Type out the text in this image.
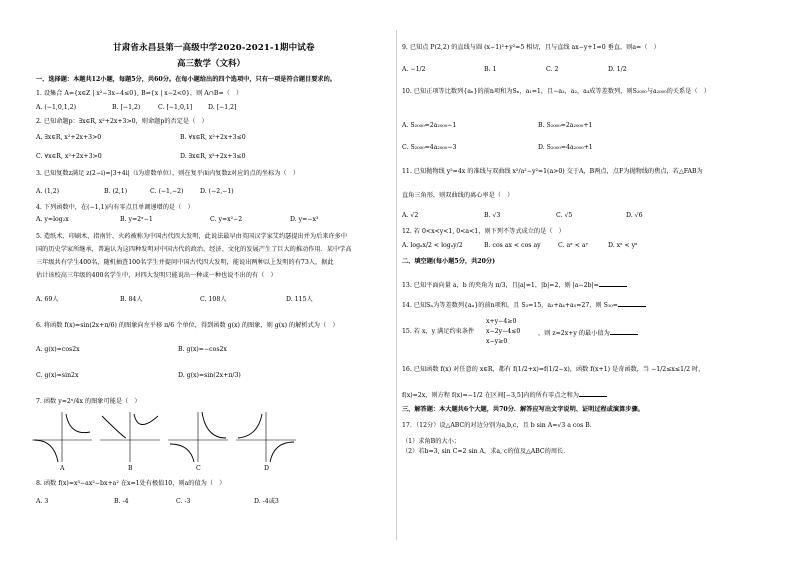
甘肃省永昌县第一高级中学2020-2021-1期中试卷
高三数学（文科）
一、选择题：本题共12小题，每题5分，共60分。在每小题给出的四个选项中，只有一项是符合题目要求的。
1. 设集合 A={x∈Z | x²−3x−4≤0}, B={x | x−2<0}，则 A∩B=（　）
A. (−1,0,1,2)	B. [−1,2)	C. [−1,0,1]	D. [−1,2]
2. 已知命题p：∃x∈R, x²+2x+3>0，则命题p的否定是（　）
A. ∃x∈R, x²+2x+3>0	B. ∀x∈R, x²+2x+3≤0
C. ∀x∈R, x²+2x+3>0	D. ∃x∈R, x²+2x+3≤0
3. 已知复数z满足 z(2−i)=|3+4i|（i为虚数单位），则在复平面内复数z对应的点的坐标为（　）
A. (1,2)	B. (2,1)	C. (−1,−2)	D. (−2,−1)
4. 下列函数中，在(−1,1)内有零点且单调递增的是（　）
A. y=log₂x	B. y=2ˣ−1	C. y=x²−2	D. y=−x³
5. 造纸术、印刷术、指南针、火药被称为中国古代四大发明，此说法最早由英国汉学家艾约瑟提出并为后来许多中
国的历史学家所继承，普遍认为这四种发明对中国古代的政治、经济、文化的发展产生了巨大的推动作用．某中学高
三年级共有学生400名，随机抽查100名学生并提问中国古代四大发明，能说出两种以上发明的有73人，据此
估计该校高三年级的400名学生中，对四大发明只能说出一种或一种也说不出的有（　）
A. 69人	B. 84人	C. 108人	D. 115人
6. 将函数 f(x)=sin(2x+π/6) 的图象向左平移 π/6 个单位，得到函数 g(x) 的图象，则 g(x) 的解析式为（　）
A. g(x)=cos2x	B. g(x)=−cos2x
C. g(x)=sin2x	D. g(x)=sin(2x+π/3)
7. 函数 y=2ˣ/4x 的图象可能是（　）
A	B	C	D
8. 函数 f(x)=x³−ax²−bx+a² 在x=1处有极值10，则a的值为（　）
A. 3	B. -4	C. -3	D. -4或3
9. 已知点 P(2,2) 的直线与圆 (x−1)²+y²=5 相切，且与直线 ax−y+1=0 垂直，则a=（　）
A. −1/2	B. 1	C. 2	D. 1/2
10. 已知正项等比数列{aₙ}的前n项和为Sₙ，a₁=1，且−a₃，a₂，a₄成等差数列，则S₂₀₀₀与a₂₀₀₀的关系是（　）
A. S₂₀₀₀=2a₂₀₀₀−1	B. S₂₀₀₀=2a₂₀₀₀+1
C. S₂₀₀₀=4a₂₀₀₀−3	D. S₂₀₀₀=4a₂₀₀₀+1
11. 已知抛物线 y²=4x 的准线与双曲线 x²/a²−y²=1(a>0) 交于A，B两点，点F为抛物线的焦点，若△FAB为
直角三角形，则双曲线的离心率是（　）
A. √2	B. √3	C. √5	D. √6
12. 若 0<x<y<1, 0<a<1，则下列不等式成立的是（　）
A. logₐx/2 < logₐy/2	B. cos ax < cos ay	C. aˣ < aʸ	D. xᵃ < yᵃ
二、填空题(每小题5分，共20分)
13. 已知平面向量 a，b 的夹角为 π/3，且|a|=1，|b|=2，则 |a−2b|=
14. 已知Sₙ为等差数列{aₙ}的前n项和，且 S₃=15，a₃+a₄+a₅=27，则 S₁₀=
15. 若 x，y 满足约束条件
x+y−4≥0
x−2y−4≤0
x−y≥0
，则 z=2x+y 的最小值为
16. 已知函数 f(x) 对任意的 x∈R，都有 f(1/2+x)=f(1/2−x)，函数 f(x+1) 是奇函数，当 −1/2≤x≤1/2 时，
f(x)=2x，则方程 f(x)=−1/2 在区间[−3,5]内的所有零点之和为
三、解答题：本大题共6个大题，共70分．解答应写出文字说明、证明过程或演算步骤。
17．（12分）设△ABC的对边分别为a,b,c，且 b sin A=√3 a cos B．
（1）求角B的大小；
（2）若b=3, sin C=2 sin A，求a, c的值及△ABC的周长．
